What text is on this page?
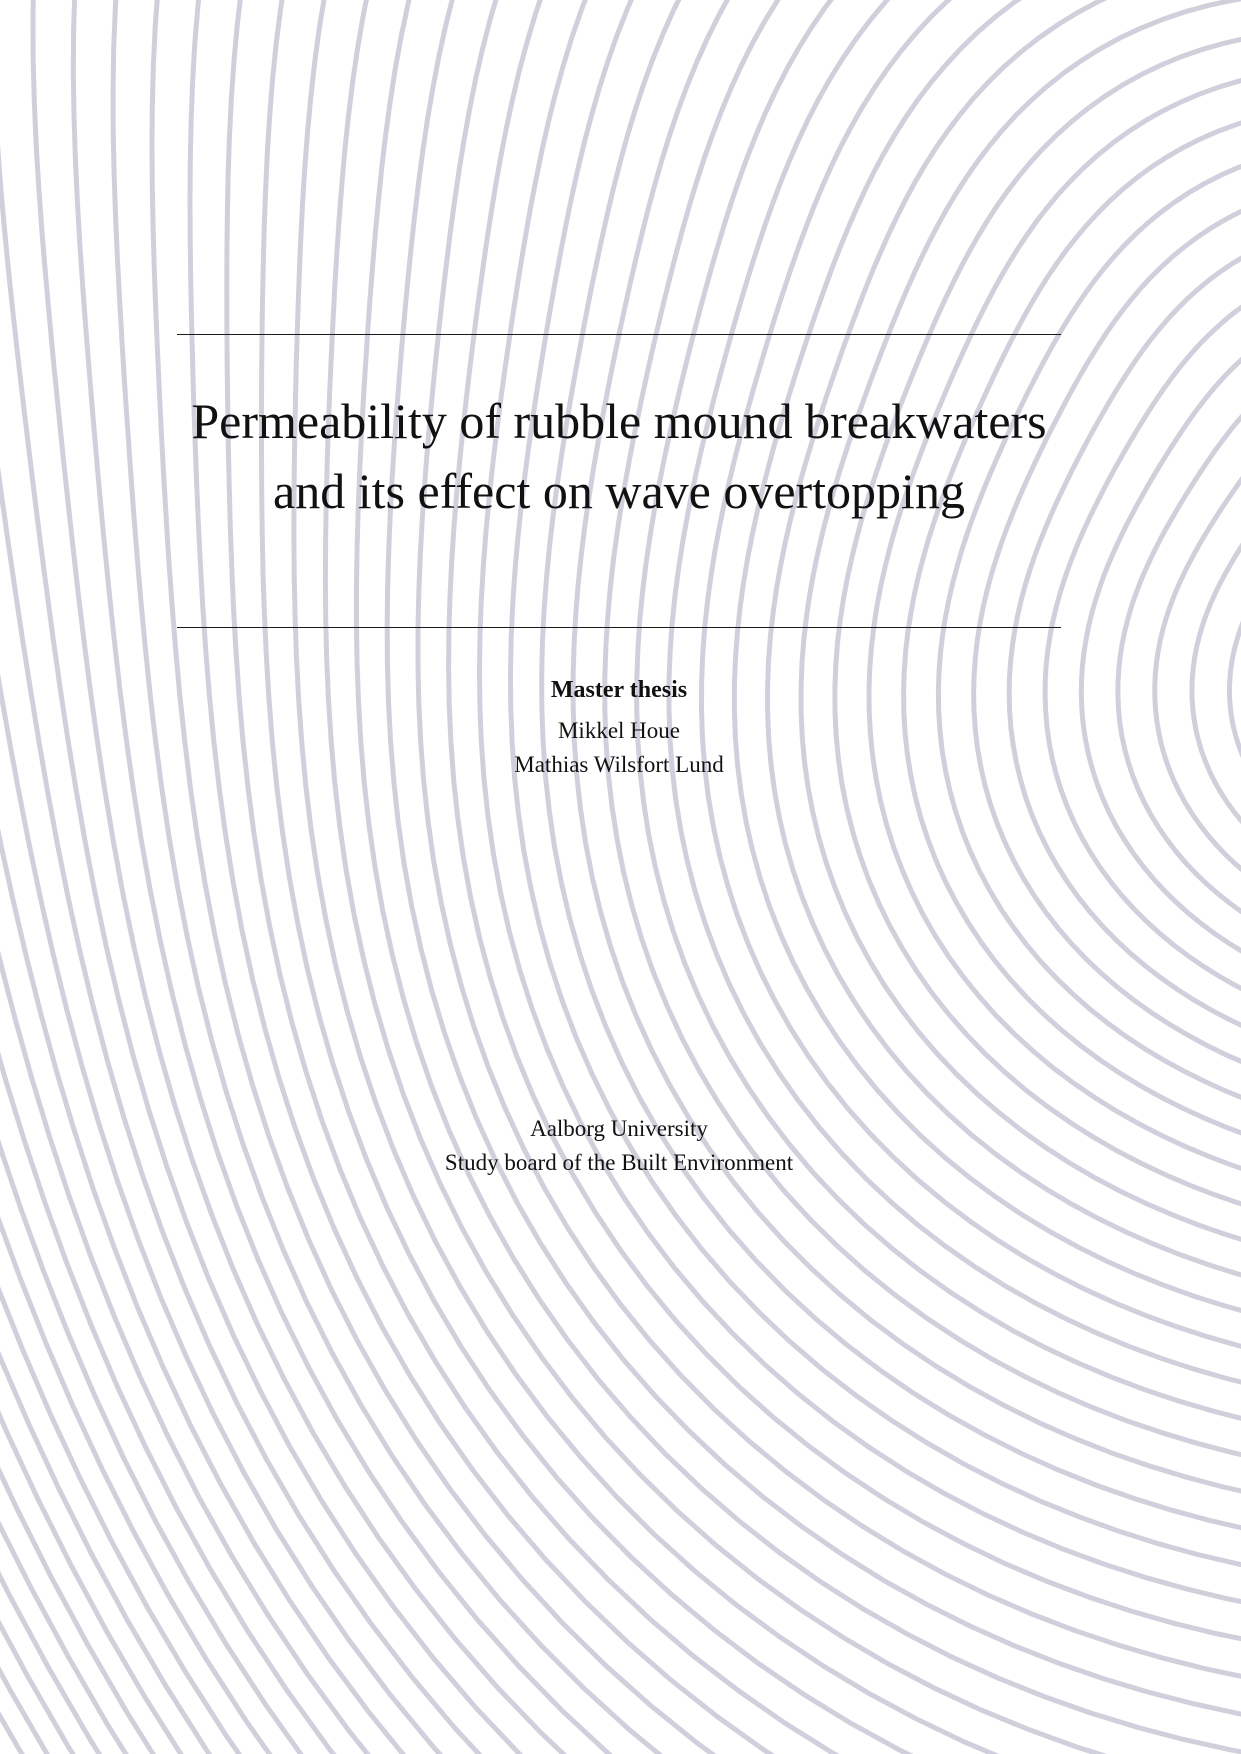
Permeability of rubble mound breakwaters and its effect on wave overtopping
Master thesis
Mikkel Houe
Mathias Wilsfort Lund
Aalborg University
Study board of the Built Environment
